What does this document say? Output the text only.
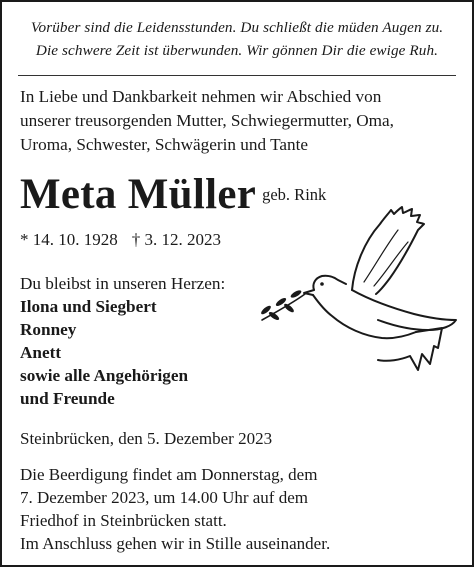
Vorüber sind die Leidensstunden. Du schließt die müden Augen zu.
Die schwere Zeit ist überwunden. Wir gönnen Dir die ewige Ruh.
In Liebe und Dankbarkeit nehmen wir Abschied von
unserer treusorgenden Mutter, Schwiegermutter, Oma,
Uroma, Schwester, Schwägerin und Tante
Meta Müller geb. Rink
* 14. 10. 1928 † 3. 12. 2023
Du bleibst in unseren Herzen:
Ilona und Siegbert
Ronney
Anett
sowie alle Angehörigen
und Freunde
Steinbrücken, den 5. Dezember 2023
Die Beerdigung findet am Donnerstag, dem
7. Dezember 2023, um 14.00 Uhr auf dem
Friedhof in Steinbrücken statt.
Im Anschluss gehen wir in Stille auseinander.
